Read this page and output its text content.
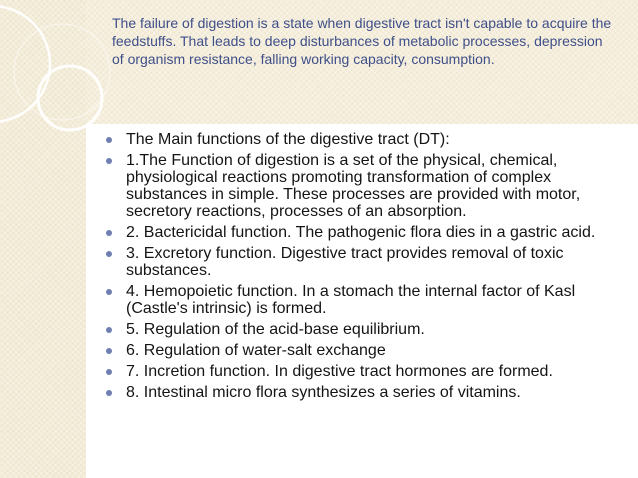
The failure of digestion is a state when digestive tract isn't capable to acquire the feedstuffs. That leads to deep disturbances of metabolic processes, depression of organism resistance, falling working capacity, consumption.

The Main functions of the digestive tract (DT):
1.The Function of digestion is a set of the physical, chemical, physiological reactions promoting transformation of complex substances in simple. These processes are provided with motor, secretory reactions, processes of an absorption.
2. Bactericidal function. The pathogenic flora dies in a gastric acid.
3. Excretory function. Digestive tract provides removal of toxic substances.
4. Hemopoietic function. In a stomach the internal factor of Kasl (Castle's intrinsic) is formed.
5. Regulation of the acid-base equilibrium.
6. Regulation of water-salt exchange
7. Incretion function. In digestive tract hormones are formed.
8. Intestinal micro flora synthesizes a series of vitamins.
